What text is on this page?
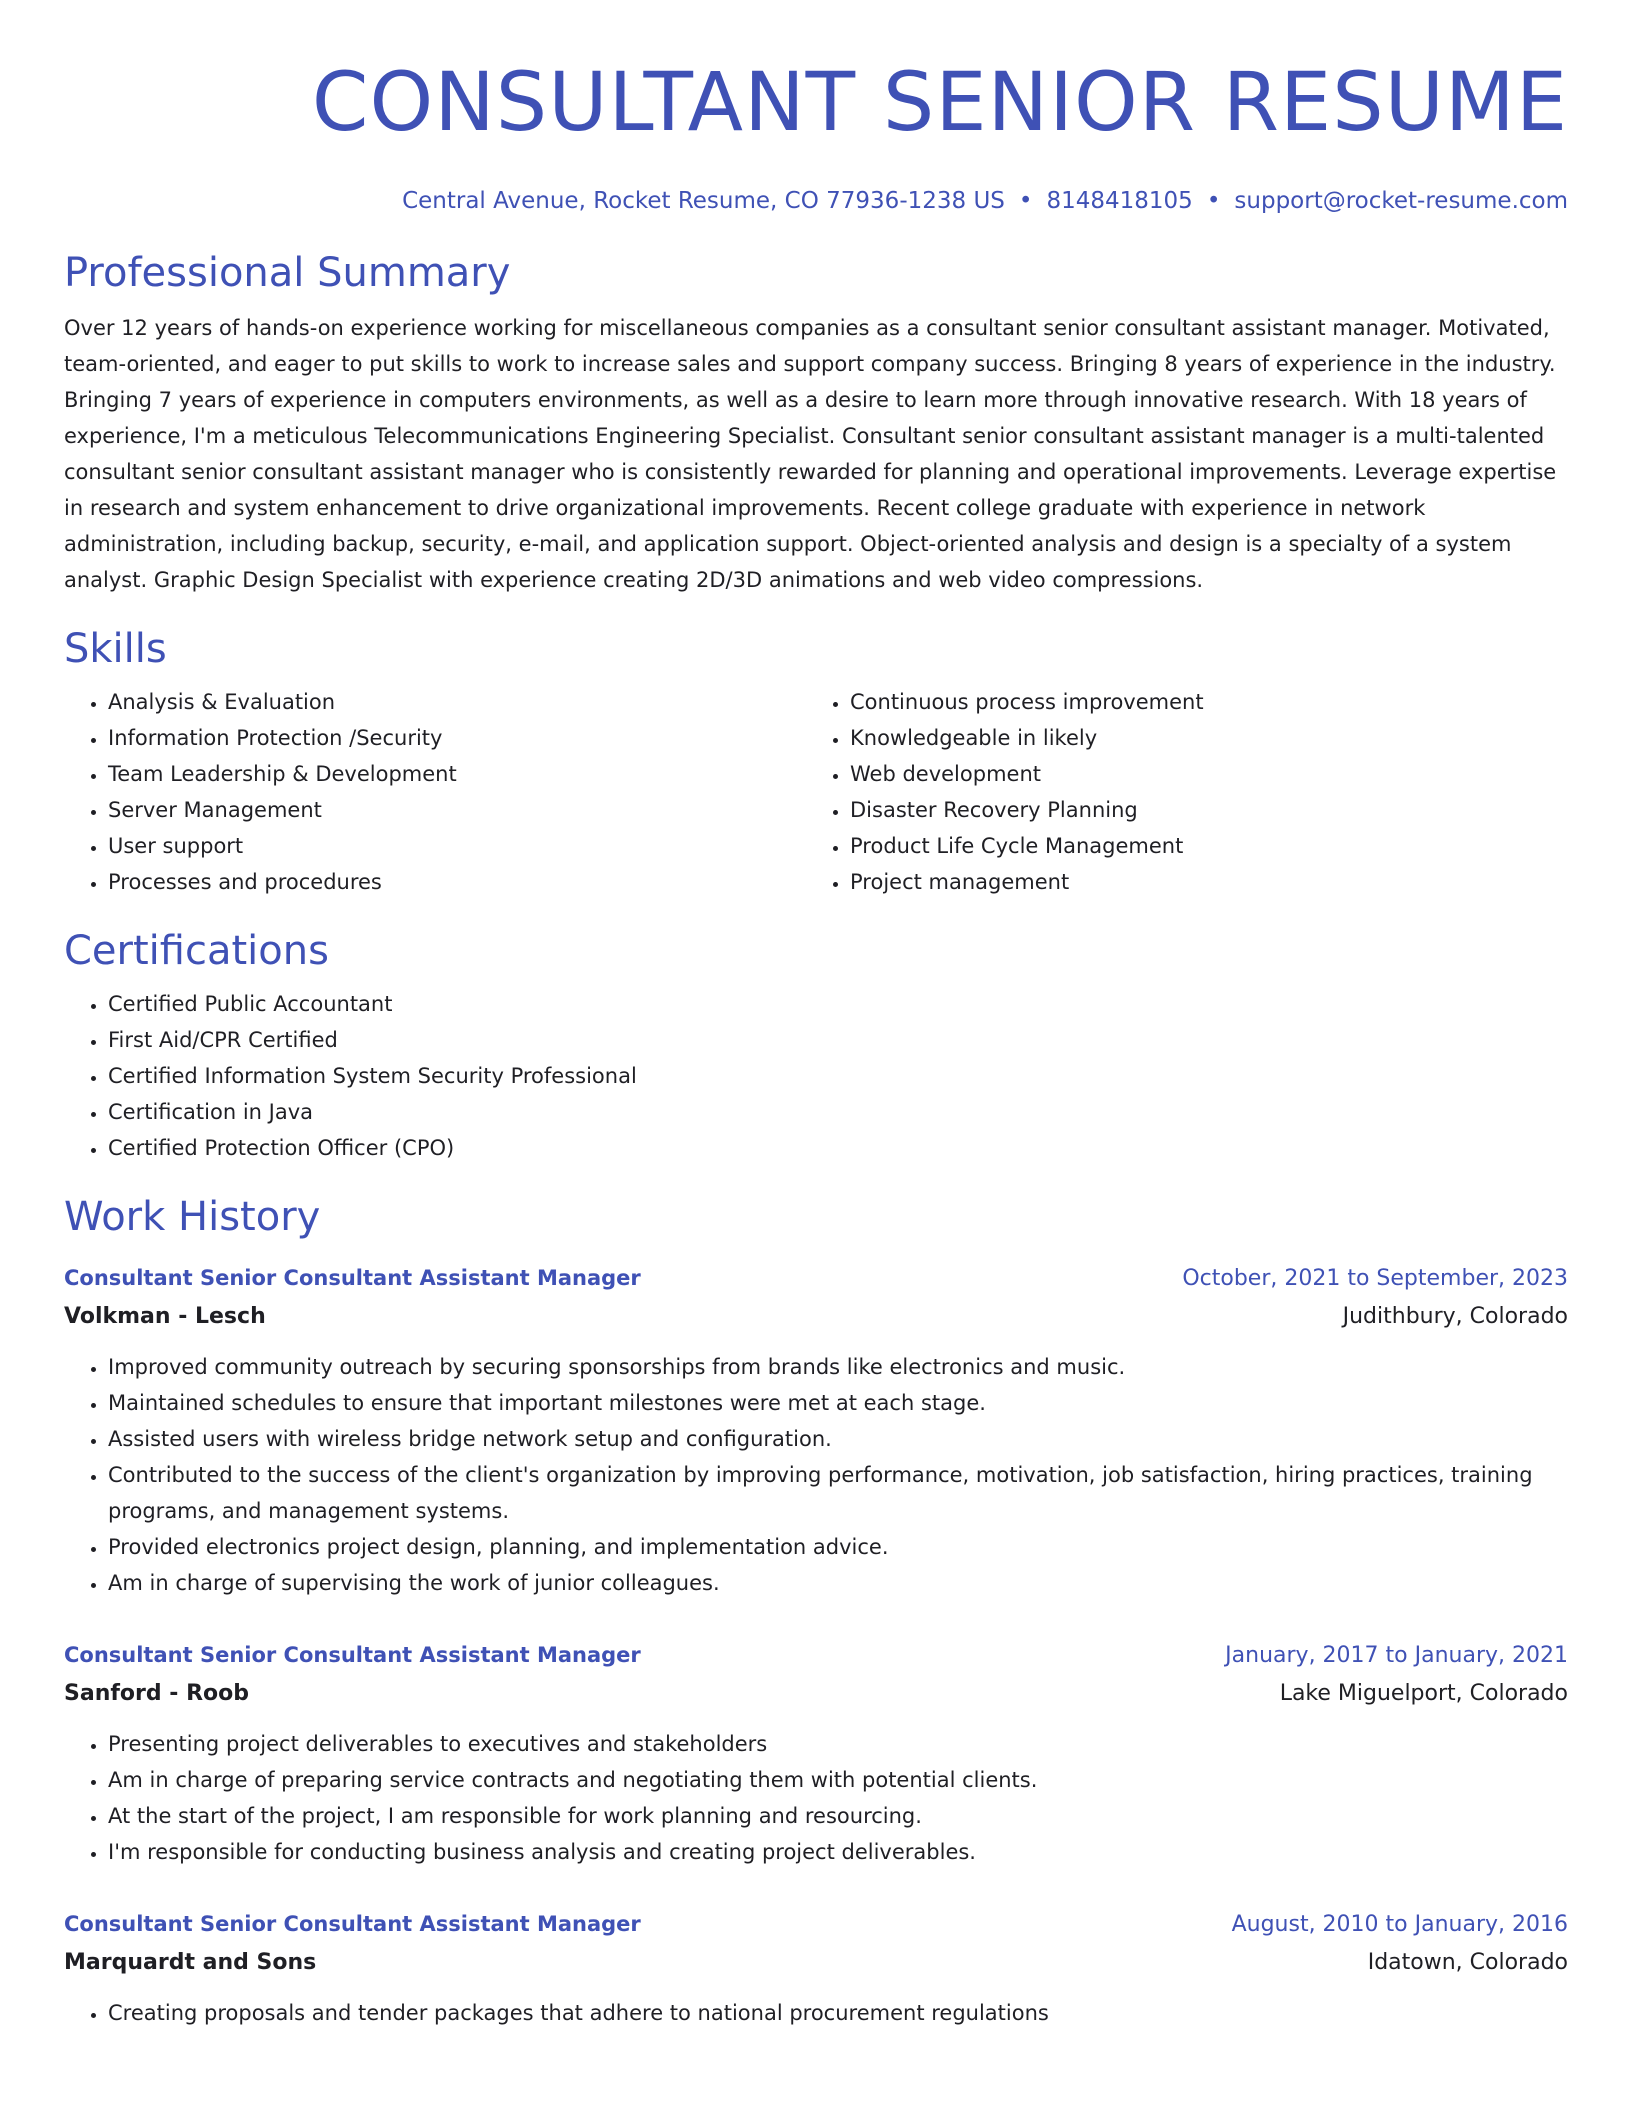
CONSULTANT SENIOR RESUME
Central Avenue, Rocket Resume, CO 77936-1238 US • 8148418105 • support@rocket-resume.com
Professional Summary

Over 12 years of hands-on experience working for miscellaneous companies as a consultant senior consultant assistant manager. Motivated, team-oriented, and eager to put skills to work to increase sales and support company success. Bringing 8 years of experience in the industry. Bringing 7 years of experience in computers environments, as well as a desire to learn more through innovative research. With 18 years of experience, I'm a meticulous Telecommunications Engineering Specialist. Consultant senior consultant assistant manager is a multi-talented consultant senior consultant assistant manager who is consistently rewarded for planning and operational improvements. Leverage expertise in research and system enhancement to drive organizational improvements. Recent college graduate with experience in network administration, including backup, security, e-mail, and application support. Object-oriented analysis and design is a specialty of a system analyst. Graphic Design Specialist with experience creating 2D/3D animations and web video compressions.

Skills
• Analysis & Evaluation
• Information Protection /Security
• Team Leadership & Development
• Server Management
• User support
• Processes and procedures
• Continuous process improvement
• Knowledgeable in likely
• Web development
• Disaster Recovery Planning
• Product Life Cycle Management
• Project management
Certifications
• Certified Public Accountant
• First Aid/CPR Certified
• Certified Information System Security Professional
• Certification in Java
• Certified Protection Officer (CPO)
Work History
Consultant Senior Consultant Assistant Manager	October, 2021 to September, 2023
Volkman - Lesch	Judithbury, Colorado
• Improved community outreach by securing sponsorships from brands like electronics and music.
• Maintained schedules to ensure that important milestones were met at each stage.
• Assisted users with wireless bridge network setup and configuration.
• Contributed to the success of the client's organization by improving performance, motivation, job satisfaction, hiring practices, training programs, and management systems.
• Provided electronics project design, planning, and implementation advice.
• Am in charge of supervising the work of junior colleagues.
Consultant Senior Consultant Assistant Manager	January, 2017 to January, 2021
Sanford - Roob	Lake Miguelport, Colorado
• Presenting project deliverables to executives and stakeholders
• Am in charge of preparing service contracts and negotiating them with potential clients.
• At the start of the project, I am responsible for work planning and resourcing.
• I'm responsible for conducting business analysis and creating project deliverables.
Consultant Senior Consultant Assistant Manager	August, 2010 to January, 2016
Marquardt and Sons	Idatown, Colorado
• Creating proposals and tender packages that adhere to national procurement regulations
